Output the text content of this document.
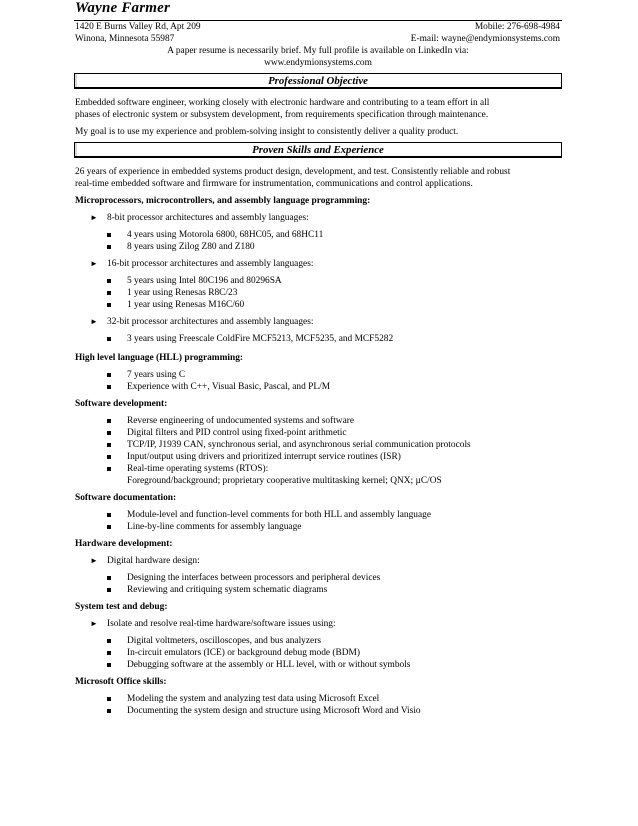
Wayne Farmer
1420 E Burns Valley Rd, Apt 209	Mobile: 276-698-4984
Winona, Minnesota 55987	E-mail: wayne@endymionsystems.com
A paper resume is necessarily brief. My full profile is available on LinkedIn via:
www.endymionsystems.com
Professional Objective
Embedded software engineer, working closely with electronic hardware and contributing to a team effort in all
phases of electronic system or subsystem development, from requirements specification through maintenance.
My goal is to use my experience and problem-solving insight to consistently deliver a quality product.
Proven Skills and Experience
26 years of experience in embedded systems product design, development, and test. Consistently reliable and robust
real-time embedded software and firmware for instrumentation, communications and control applications.
Microprocessors, microcontrollers, and assembly language programming:
► 8-bit processor architectures and assembly languages:
4 years using Motorola 6800, 68HC05, and 68HC11
8 years using Zilog Z80 and Z180
► 16-bit processor architectures and assembly languages:
5 years using Intel 80C196 and 80296SA
1 year using Renesas R8C/23
1 year using Renesas M16C/60
► 32-bit processor architectures and assembly languages:
3 years using Freescale ColdFire MCF5213, MCF5235, and MCF5282
High level language (HLL) programming:
7 years using C
Experience with C++, Visual Basic, Pascal, and PL/M
Software development:
Reverse engineering of undocumented systems and software
Digital filters and PID control using fixed-point arithmetic
TCP/IP, J1939 CAN, synchronous serial, and asynchronous serial communication protocols
Input/output using drivers and prioritized interrupt service routines (ISR)
Real-time operating systems (RTOS):
Foreground/background; proprietary cooperative multitasking kernel; QNX; µC/OS
Software documentation:
Module-level and function-level comments for both HLL and assembly language
Line-by-line comments for assembly language
Hardware development:
► Digital hardware design:
Designing the interfaces between processors and peripheral devices
Reviewing and critiquing system schematic diagrams
System test and debug:
► Isolate and resolve real-time hardware/software issues using:
Digital voltmeters, oscilloscopes, and bus analyzers
In-circuit emulators (ICE) or background debug mode (BDM)
Debugging software at the assembly or HLL level, with or without symbols
Microsoft Office skills:
Modeling the system and analyzing test data using Microsoft Excel
Documenting the system design and structure using Microsoft Word and Visio
